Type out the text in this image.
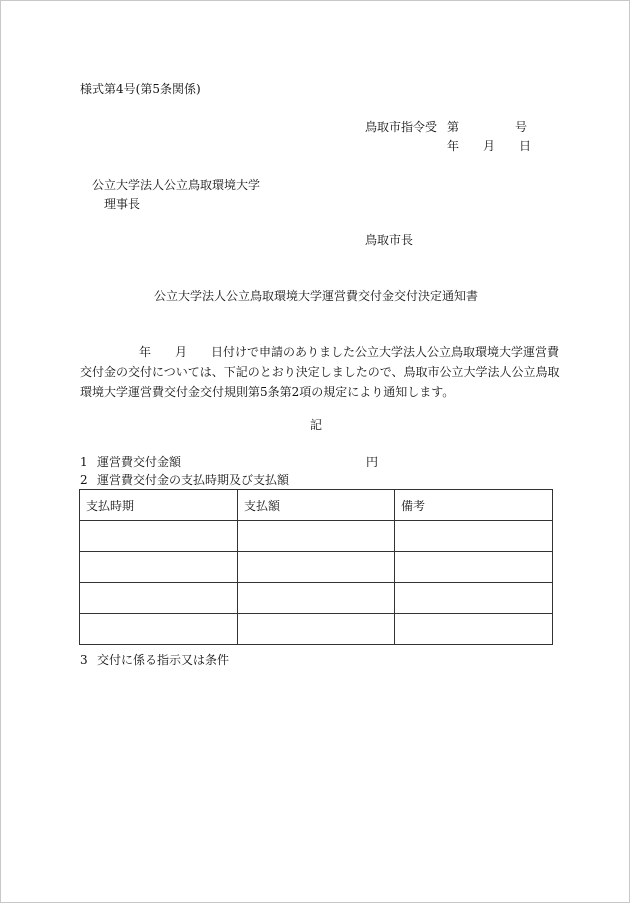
様式第4号(第5条関係)
鳥取市指令受 第	号
年 月 日
公立大学法人公立鳥取環境大学
理事長
鳥取市長
公立大学法人公立鳥取環境大学運営費交付金交付決定通知書
年 月 日付けで申請のありました公立大学法人公立鳥取環境大学運営費
交付金の交付については、下記のとおり決定しましたので、鳥取市公立大学法人公立鳥取
環境大学運営費交付金交付規則第5条第2項の規定により通知します。
記
1 運営費交付金額	円
2 運営費交付金の支払時期及び支払額
支払時期	支払額	備考

3 交付に係る指示又は条件
